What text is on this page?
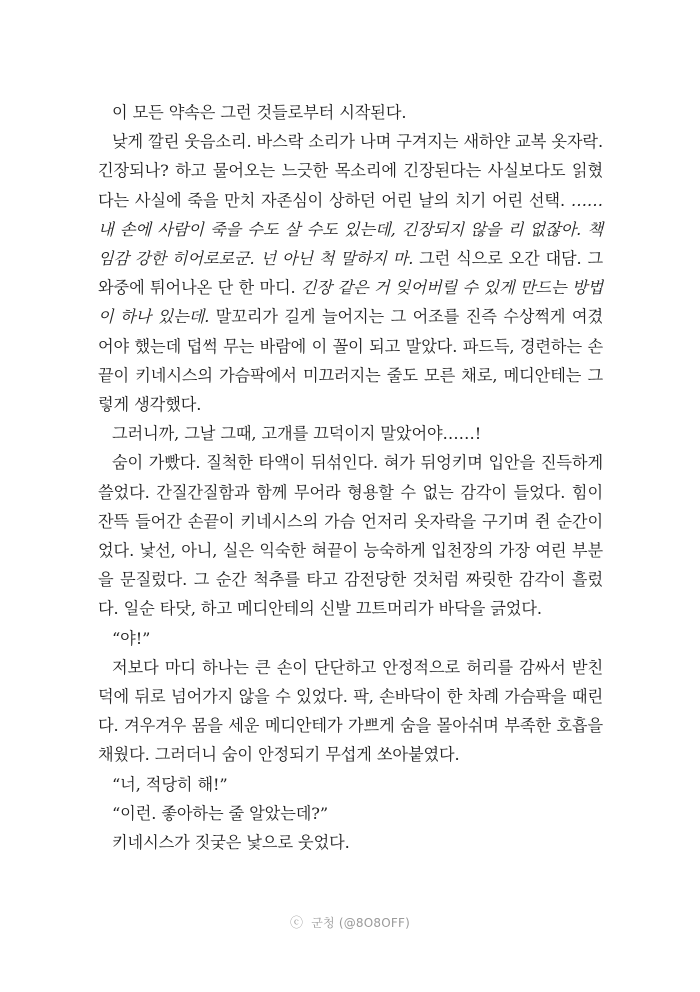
이 모든 약속은 그런 것들로부터 시작된다.

낮게 깔린 웃음소리. 바스락 소리가 나며 구겨지는 새하얀 교복 옷자락. 긴장되나? 하고 물어오는 느긋한 목소리에 긴장된다는 사실보다도 읽혔다는 사실에 죽을 만치 자존심이 상하던 어린 날의 치기 어린 선택. ……내 손에 사람이 죽을 수도 살 수도 있는데, 긴장되지 않을 리 없잖아. 책임감 강한 히어로로군. 넌 아닌 척 말하지 마. 그런 식으로 오간 대담. 그 와중에 튀어나온 단 한 마디. 긴장 같은 거 잊어버릴 수 있게 만드는 방법이 하나 있는데. 말꼬리가 길게 늘어지는 그 어조를 진즉 수상쩍게 여겼어야 했는데 덥썩 무는 바람에 이 꼴이 되고 말았다. 파드득, 경련하는 손끝이 키네시스의 가슴팍에서 미끄러지는 줄도 모른 채로, 메디안테는 그렇게 생각했다.

그러니까, 그날 그때, 고개를 끄덕이지 말았어야……!

숨이 가빴다. 질척한 타액이 뒤섞인다. 혀가 뒤엉키며 입안을 진득하게 쓸었다. 간질간질함과 함께 무어라 형용할 수 없는 감각이 들었다. 힘이 잔뜩 들어간 손끝이 키네시스의 가슴 언저리 옷자락을 구기며 쥔 순간이었다. 낯선, 아니, 실은 익숙한 혀끝이 능숙하게 입천장의 가장 여린 부분을 문질렀다. 그 순간 척추를 타고 감전당한 것처럼 짜릿한 감각이 흘렀다. 일순 타닷, 하고 메디안테의 신발 끄트머리가 바닥을 긁었다.

“야!”

저보다 마디 하나는 큰 손이 단단하고 안정적으로 허리를 감싸서 받친 덕에 뒤로 넘어가지 않을 수 있었다. 팍, 손바닥이 한 차례 가슴팍을 때린다. 겨우겨우 몸을 세운 메디안테가 가쁘게 숨을 몰아쉬며 부족한 호흡을 채웠다. 그러더니 숨이 안정되기 무섭게 쏘아붙였다.

“너, 적당히 해!”

“이런. 좋아하는 줄 알았는데?”

키네시스가 짓궂은 낯으로 웃었다.

ⓒ 군청 (@8O8OFF)
